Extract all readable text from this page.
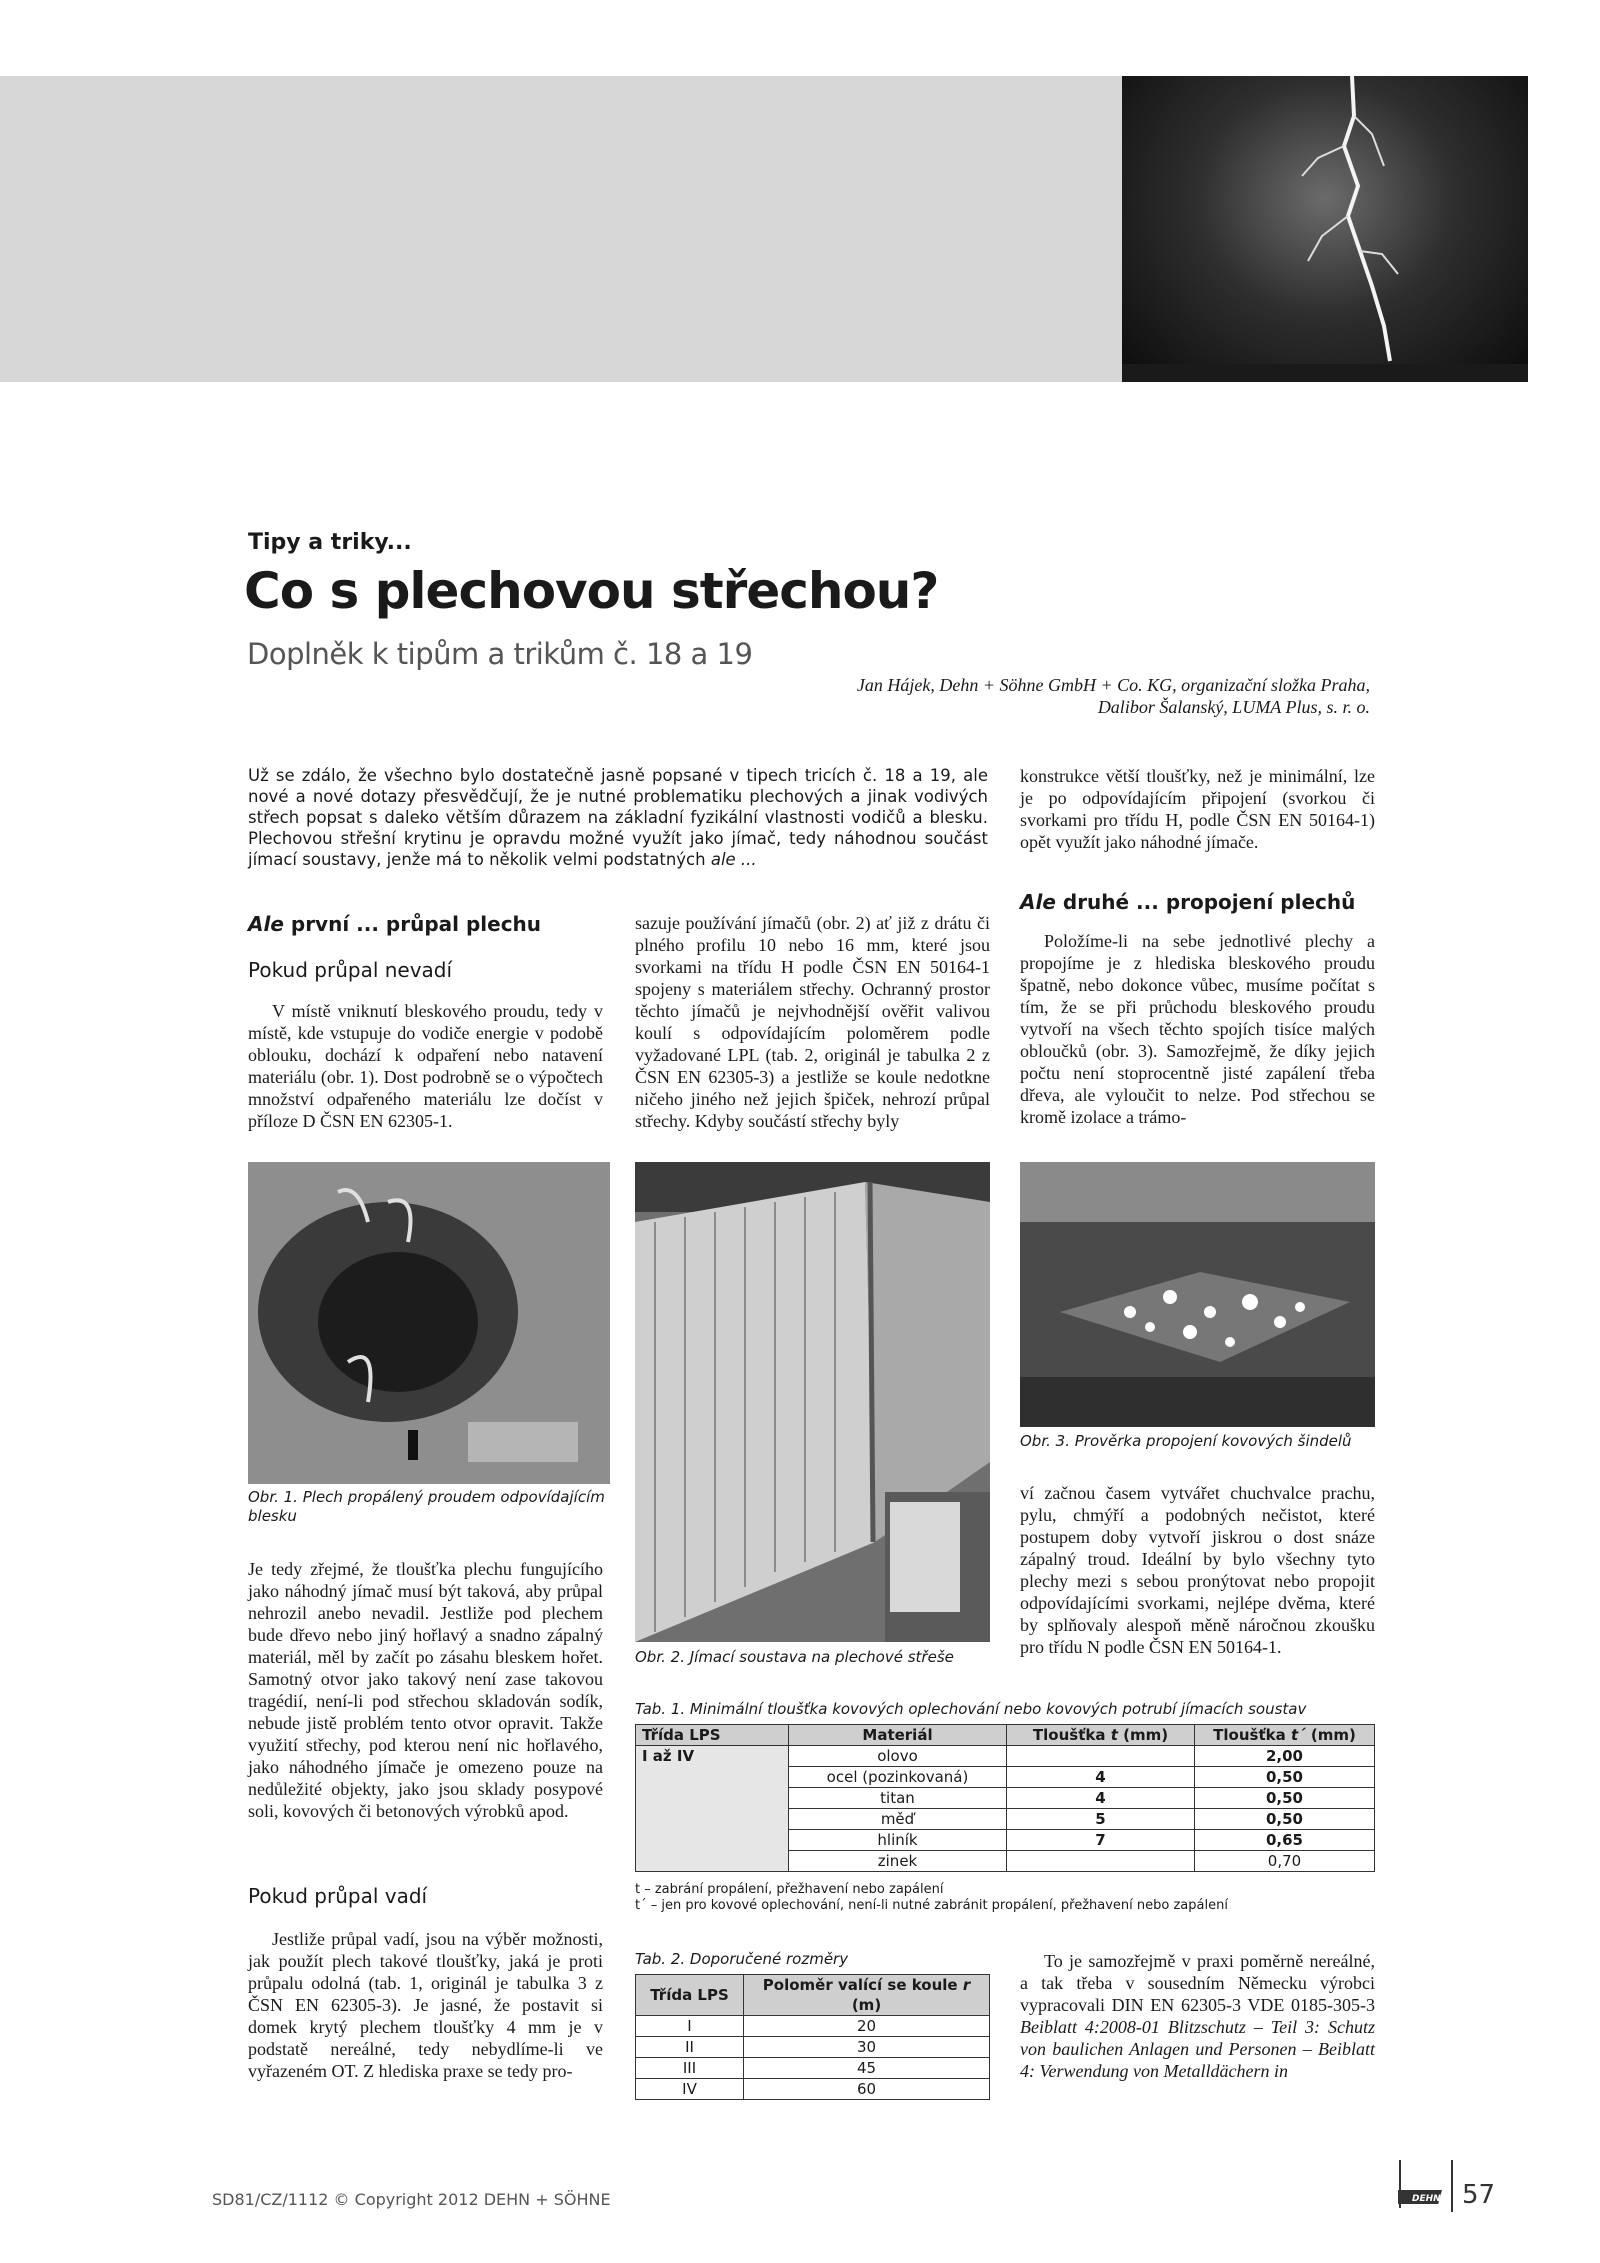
Tipy a triky...
Co s plechovou střechou?
Doplněk k tipům a trikům č. 18 a 19
Jan Hájek, Dehn + Söhne GmbH + Co. KG, organizační složka Praha,
Dalibor Šalanský, LUMA Plus, s. r. o.

Už se zdálo, že všechno bylo dostatečně jasně popsané v tipech tricích č. 18 a 19, ale nové a nové dotazy přesvědčují, že je nutné problematiku plechových a jinak vodivých střech popsat s daleko větším důrazem na základní fyzikální vlastnosti vodičů a blesku. Plechovou střešní krytinu je opravdu možné využít jako jímač, tedy náhodnou součást jímací soustavy, jenže má to několik velmi podstatných ale ...

konstrukce větší tloušťky, než je minimální, lze je po odpovídajícím připojení (svorkou či svorkami pro třídu H, podle ČSN EN 50164-1) opět využít jako náhodné jímače.

Ale první ... průpal plechu

Pokud průpal nevadí

V místě vniknutí bleskového proudu, tedy v místě, kde vstupuje do vodiče energie v podobě oblouku, dochází k odpaření nebo natavení materiálu (obr. 1). Dost podrobně se o výpočtech množství odpařeného materiálu lze dočíst v příloze D ČSN EN 62305-1.

sazuje používání jímačů (obr. 2) ať již z drátu či plného profilu 10 nebo 16 mm, které jsou svorkami na třídu H podle ČSN EN 50164-1 spojeny s materiálem střechy. Ochranný prostor těchto jímačů je nejvhodnější ověřit valivou koulí s odpovídajícím poloměrem podle vyžadované LPL (tab. 2, originál je tabulka 2 z ČSN EN 62305-3) a jestliže se koule nedotkne ničeho jiného než jejich špiček, nehrozí průpal střechy. Kdyby součástí střechy byly

Ale druhé ... propojení plechů

Položíme-li na sebe jednotlivé plechy a propojíme je z hlediska bleskového proudu špatně, nebo dokonce vůbec, musíme počítat s tím, že se při průchodu bleskového proudu vytvoří na všech těchto spojích tisíce malých obloučků (obr. 3). Samozřejmě, že díky jejich počtu není stoprocentně jisté zapálení třeba dřeva, ale vyloučit to nelze. Pod střechou se kromě izolace a trámo-

Obr. 1. Plech propálený proudem odpovídajícím blesku

Obr. 2. Jímací soustava na plechové střeše

Obr. 3. Prověrka propojení kovových šindelů

Je tedy zřejmé, že tloušťka plechu fungujícího jako náhodný jímač musí být taková, aby průpal nehrozil anebo nevadil. Jestliže pod plechem bude dřevo nebo jiný hořlavý a snadno zápalný materiál, měl by začít po zásahu bleskem hořet. Samotný otvor jako takový není zase takovou tragédií, není-li pod střechou skladován sodík, nebude jistě problém tento otvor opravit. Takže využití střechy, pod kterou není nic hořlavého, jako náhodného jímače je omezeno pouze na nedůležité objekty, jako jsou sklady posypové soli, kovových či betonových výrobků apod.

Pokud průpal vadí

Jestliže průpal vadí, jsou na výběr možnosti, jak použít plech takové tloušťky, jaká je proti průpalu odolná (tab. 1, originál je tabulka 3 z ČSN EN 62305-3). Je jasné, že postavit si domek krytý plechem tloušťky 4 mm je v podstatě nereálné, tedy nebydlíme-li ve vyřazeném OT. Z hlediska praxe se tedy pro-

ví začnou časem vytvářet chuchvalce prachu, pylu, chmýří a podobných nečistot, které postupem doby vytvoří jiskrou o dost snáze zápalný troud. Ideální by bylo všechny tyto plechy mezi s sebou pronýtovat nebo propojit odpovídajícími svorkami, nejlépe dvěma, které by splňovaly alespoň měně náročnou zkoušku pro třídu N podle ČSN EN 50164-1.

Tab. 1. Minimální tloušťka kovových oplechování nebo kovových potrubí jímacích soustav

Třída LPS	Materiál	Tloušťka t (mm)	Tloušťka t´ (mm)
I až IV	olovo		2,00
	ocel (pozinkovaná)	4	0,50
	titan	4	0,50
	měď	5	0,50
	hliník	7	0,65
	zinek		0,70

t – zabrání propálení, přežhavení nebo zapálení

t´ – jen pro kovové oplechování, není-li nutné zabránit propálení, přežhavení nebo zapálení

Tab. 2. Doporučené rozměry

Třída LPS	Poloměr valící se koule r (m)
I	20
II	30
III	45
IV	60

To je samozřejmě v praxi poměrně nereálné, a tak třeba v sousedním Německu výrobci vypracovali DIN EN 62305-3 VDE 0185-305-3 Beiblatt 4:2008-01 Blitzschutz – Teil 3: Schutz von baulichen Anlagen und Personen – Beiblatt 4: Verwendung von Metalldächern in

SD81/CZ/1112 © Copyright 2012 DEHN + SÖHNE	DEHN 57
